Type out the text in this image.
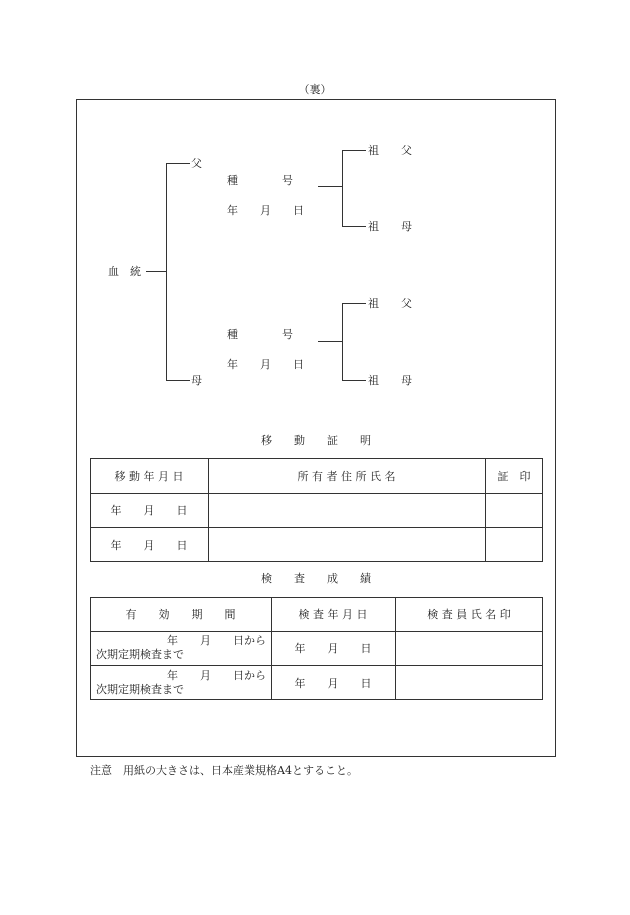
（裏）
血　統
父
種　　　　号
年　　月　　日
祖　　父
祖　　母
母
種　　　　号
年　　月　　日
祖　　父
祖　　母
移　　動　　証　　明
移 動 年 月 日	所 有 者 住 所 氏 名	証　印
年　　月　　日
年　　月　　日
検　　査　　成　　績
有　　効　　期　　間	検 査 年 月 日	検 査 員 氏 名 印
年　　月　　日から
次期定期検査まで	年　　月　　日
年　　月　　日から
次期定期検査まで	年　　月　　日
注意　用紙の大きさは、日本産業規格A4とすること。
